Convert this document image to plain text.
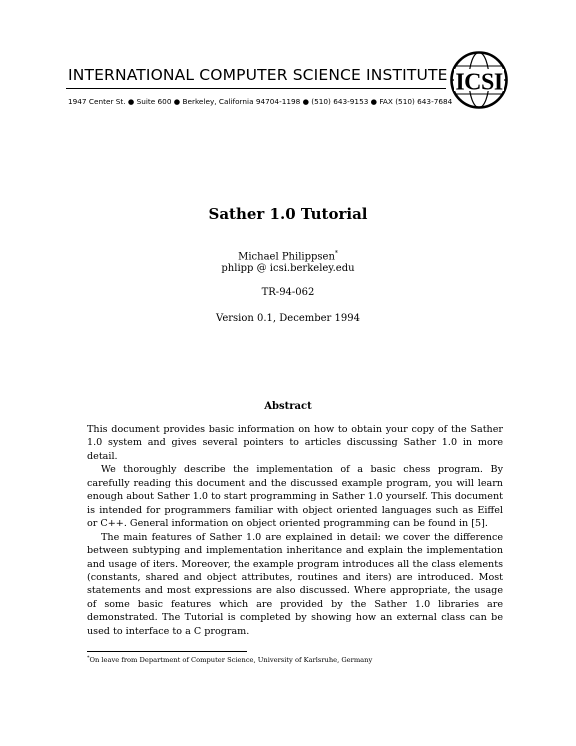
INTERNATIONAL COMPUTER SCIENCE INSTITUTE
1947 Center St. ● Suite 600 ● Berkeley, California 94704-1198 ● (510) 643-9153 ● FAX (510) 643-7684
ICSI
Sather 1.0 Tutorial
Michael Philippsen*
phlipp @ icsi.berkeley.edu
TR-94-062
Version 0.1, December 1994
Abstract

This document provides basic information on how to obtain your copy of the Sather 1.0 system and gives several pointers to articles discussing Sather 1.0 in more detail.

We thoroughly describe the implementation of a basic chess program. By carefully reading this document and the discussed example program, you will learn enough about Sather 1.0 to start programming in Sather 1.0 yourself. This document is intended for programmers familiar with object oriented languages such as Eiffel or C++. General information on object oriented programming can be found in [5].

The main features of Sather 1.0 are explained in detail: we cover the difference between subtyping and implementation inheritance and explain the implementation and usage of iters. Moreover, the example program introduces all the class elements (constants, shared and object attributes, routines and iters) are introduced. Most statements and most expressions are also discussed. Where appropriate, the usage of some basic features which are provided by the Sather 1.0 libraries are demonstrated. The Tutorial is completed by showing how an external class can be used to interface to a C program.

*On leave from Department of Computer Science, University of Karlsruhe, Germany
